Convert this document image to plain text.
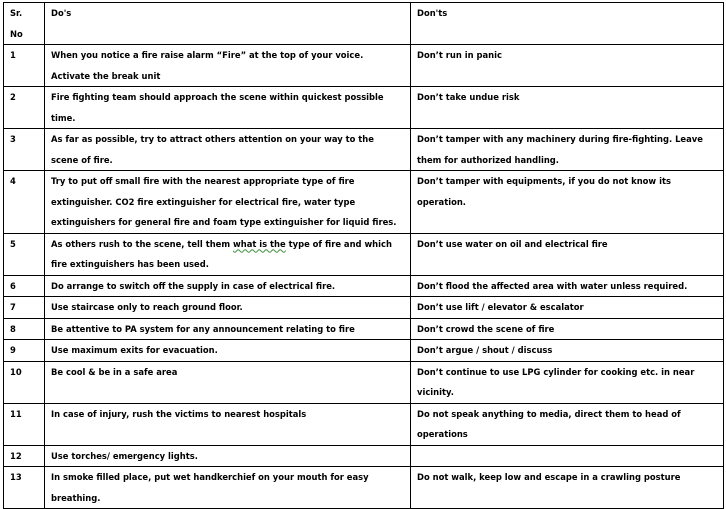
Sr.
No	Do's	Don'ts
1	When you notice a fire raise alarm “Fire” at the top of your voice. Activate the break unit	Don’t run in panic
2	Fire fighting team should approach the scene within quickest possible time.	Don’t take undue risk
3	As far as possible, try to attract others attention on your way to the scene of fire.	Don’t tamper with any machinery during fire-fighting. Leave them for authorized handling.
4	Try to put off small fire with the nearest appropriate type of fire extinguisher. CO2 fire extinguisher for electrical fire, water type extinguishers for general fire and foam type extinguisher for liquid fires.	Don’t tamper with equipments, if you do not know its operation.
5	As others rush to the scene, tell them what is the type of fire and which fire extinguishers has been used.	Don’t use water on oil and electrical fire
6	Do arrange to switch off the supply in case of electrical fire.	Don’t flood the affected area with water unless required.
7	Use staircase only to reach ground floor.	Don’t use lift / elevator & escalator
8	Be attentive to PA system for any announcement relating to fire	Don’t crowd the scene of fire
9	Use maximum exits for evacuation.	Don’t argue / shout / discuss
10	Be cool & be in a safe area	Don’t continue to use LPG cylinder for cooking etc. in near vicinity.
11	In case of injury, rush the victims to nearest hospitals	Do not speak anything to media, direct them to head of operations
12	Use torches/ emergency lights.	
13	In smoke filled place, put wet handkerchief on your mouth for easy breathing.	Do not walk, keep low and escape in a crawling posture
